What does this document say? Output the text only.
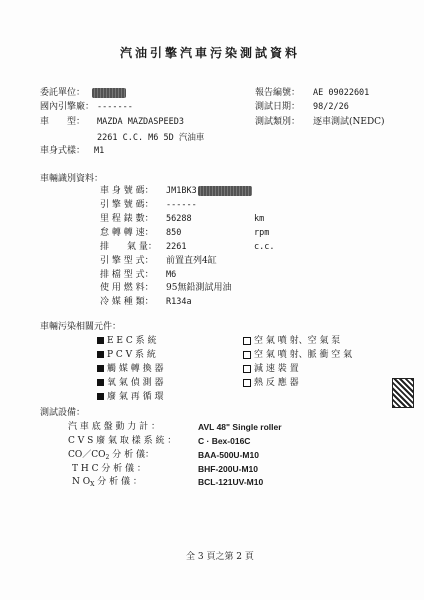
汽油引擎汽車污染測試資料
委託單位：
國內引擎廠： -------
車　　型： MAZDA MAZDASPEED3
2261 C.C. M6 5D 汽油車
車身式樣： M1
報告編號： AE 09022601
測試日期： 98/2/26
測試類別： 逐車測試(NEDC)
車輛識別資料：
車 身 號 碼： JM1BK3
引 擎 號 碼： ------
里 程 錶 數： 56288	km
怠 轉 轉 速： 850	rpm
排　　氣 量： 2261	c.c.
引 擎 型 式： 前置直列4缸
排 檔 型 式： M6
使 用 燃 料： 95無鉛測試用油
冷 媒 種 類： R134a
車輛污染相關元件：
E E C 系 統
P C V 系 統
觸 媒 轉 換 器
氧 氣 偵 測 器
廢 氣 再 循 環
空 氣 噴 射、空 氣 泵
空 氣 噴 射、脈 衝 空 氣
減 速 裝 置
熱 反 應 器
測試設備：
汽 車 底 盤 動 力 計 ：	AVL 48" Single roller
C V S 廢 氣 取 樣 系 統 ：	C · Bex-016C
$CO/CO_2$ 分 析 儀：	BAA-500U-M10
T H C 分 析 儀 ：	BHF-200U-M10
N $O_X$ 分 析 儀 ：	BCL-121UV-M10
全 3 頁之第 2 頁
